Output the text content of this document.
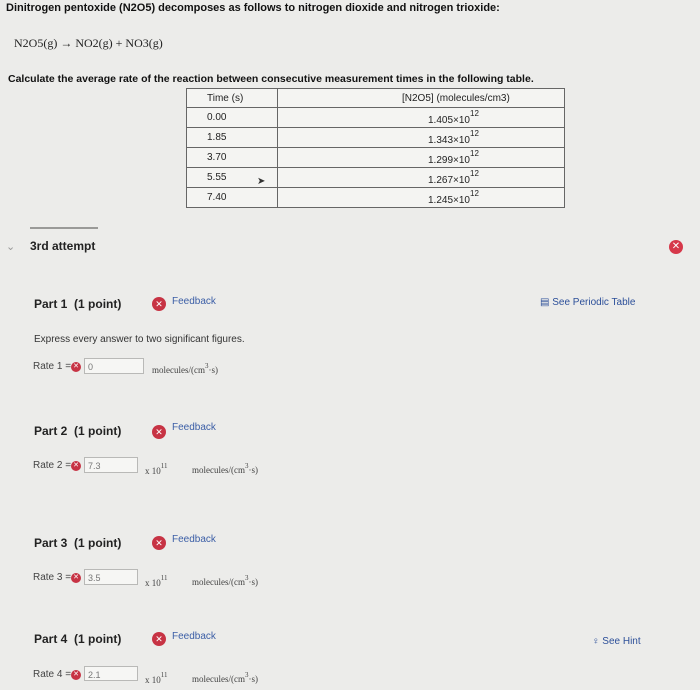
Dinitrogen pentoxide (N2O5) decomposes as follows to nitrogen dioxide and nitrogen trioxide:
N2O5(g) → NO2(g) + NO3(g)
Calculate the average rate of the reaction between consecutive measurement times in the following table.
Time (s)	[N2O5] (molecules/cm3)
0.00	$1.405\times 10^{12}$
1.85	$1.343\times 10^{12}$
3.70	$1.299\times 10^{12}$
5.55	$1.267\times 10^{12}$
7.40	$1.245\times 10^{12}$
➤
⌄ 3rd attempt	✕
Part 1 (1 point)	✕ Feedback	▤ See Periodic Table
Express every answer to two significant figures.
Rate 1 = ✕	0	molecules/$(cm^3\cdot s)$
Part 2 (1 point)	✕ Feedback
Rate 2 = ✕	7.3	x $10^{11}$	molecules/$(cm^3\cdot s)$
Part 3 (1 point)	✕ Feedback
Rate 3 = ✕	3.5	x $10^{11}$	molecules/$(cm^3\cdot s)$
Part 4 (1 point)	✕ Feedback	♀ See Hint
Rate 4 = ✕	2.1	x $10^{11}$	molecules/$(cm^3\cdot s)$
